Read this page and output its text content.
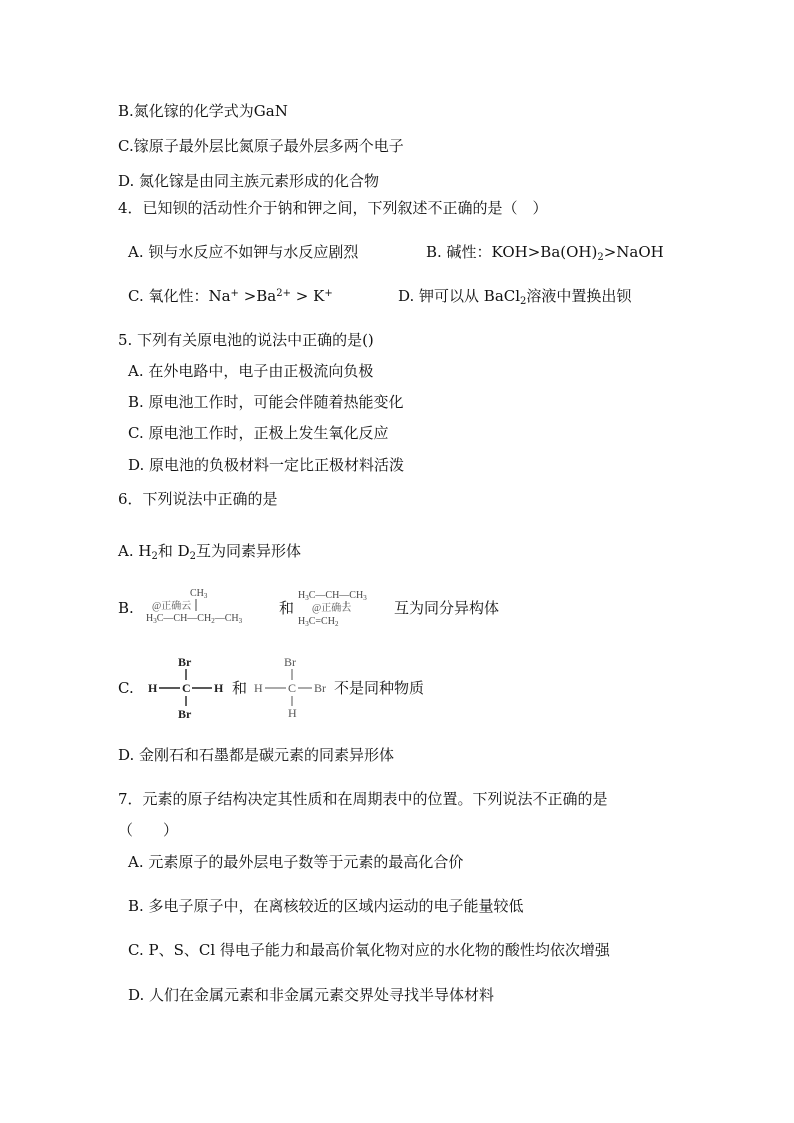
B.氮化镓的化学式为GaN
C.镓原子最外层比氮原子最外层多两个电子
D. 氮化镓是由同主族元素形成的化合物
4．已知钡的活动性介于钠和钾之间，下列叙述不正确的是（　）
A. 钡与水反应不如钾与水反应剧烈	B. 碱性：$KOH>Ba(OH)_2>NaOH$
C. 氧化性：$Na^+ >Ba^{2+} > K^+$	D. 钾可以从 BaCl$_2$溶液中置换出钡
5. 下列有关原电池的说法中正确的是()
A. 在外电路中，电子由正极流向负极
B. 原电池工作时，可能会伴随着热能变化
C. 原电池工作时，正极上发生氧化反应
D. 原电池的负极材料一定比正极材料活泼
6．下列说法中正确的是
A. $H_2$和 $D_2$互为同素异形体
B.
$CH_3$
@正确云
$H_3C—CH—CH_2—CH_3$
和
$H_3C—CH—CH_3$
@正确云
$H_3C=CH_2$
互为同分异构体
C.
Br
H C H
Br
和
Br
H C Br
H
不是同种物质
D. 金刚石和石墨都是碳元素的同素异形体
7．元素的原子结构决定其性质和在周期表中的位置。下列说法不正确的是
（　　）
A. 元素原子的最外层电子数等于元素的最高化合价
B. 多电子原子中，在离核较近的区域内运动的电子能量较低
C. P、S、Cl 得电子能力和最高价氧化物对应的水化物的酸性均依次增强
D. 人们在金属元素和非金属元素交界处寻找半导体材料
